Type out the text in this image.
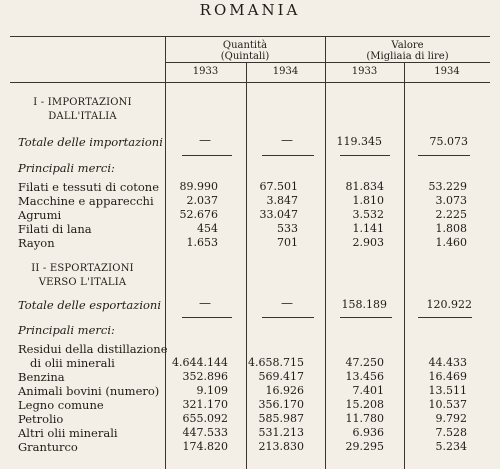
ROMANIA
Quantità
(Quintali)
Valore
(Migliaia di lire)
1933	1934	1933	1934
I - IMPORTAZIONI
DALL'ITALIA
Totale delle importazioni	—	—	119.345	75.073
Principali merci:
Filati e tessuti di cotone	89.990	67.501	81.834	53.229
Macchine e apparecchi	2.037	3.847	1.810	3.073
Agrumi	52.676	33.047	3.532	2.225
Filati di lana	454	533	1.141	1.808
Rayon	1.653	701	2.903	1.460
II - ESPORTAZIONI
VERSO L'ITALIA
Totale delle esportazioni	—	—	158.189	120.922
Principali merci:
Residui della distillazione
di olii minerali	4.644.144 4.658.715	47.250	44.433
Benzina	352.896	569.417	13.456	16.469
Animali bovini (numero)	9.109	16.926	7.401	13.511
Legno comune	321.170	356.170	15.208	10.537
Petrolio	655.092	585.987	11.780	9.792
Altri olii minerali	447.533	531.213	6.936	7.528
Granturco	174.820	213.830	29.295	5.234
